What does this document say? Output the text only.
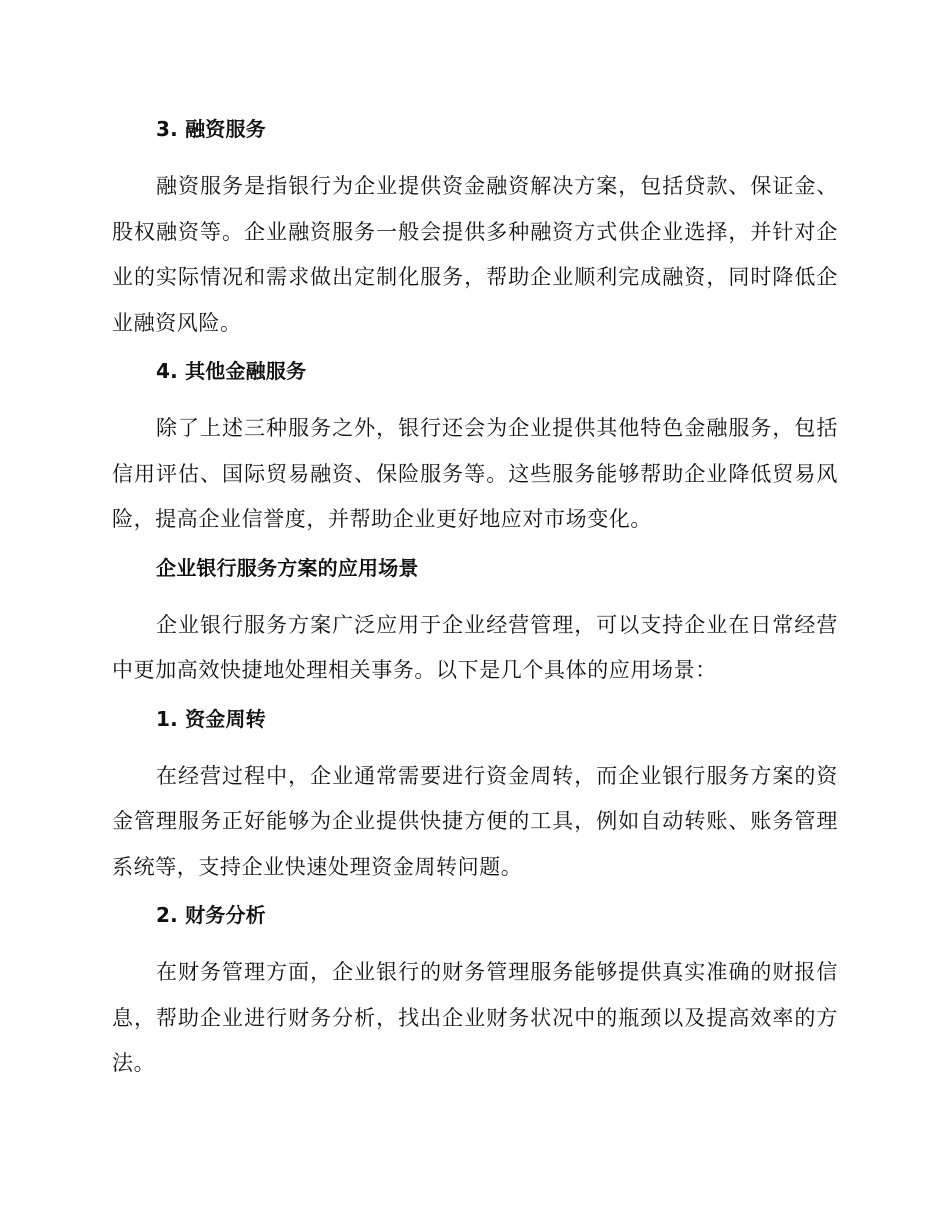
3. 融资服务

融资服务是指银行为企业提供资金融资解决方案，包括贷款、保证金、股权融资等。企业融资服务一般会提供多种融资方式供企业选择，并针对企业的实际情况和需求做出定制化服务，帮助企业顺利完成融资，同时降低企业融资风险。

4. 其他金融服务

除了上述三种服务之外，银行还会为企业提供其他特色金融服务，包括信用评估、国际贸易融资、保险服务等。这些服务能够帮助企业降低贸易风险，提高企业信誉度，并帮助企业更好地应对市场变化。

企业银行服务方案的应用场景

企业银行服务方案广泛应用于企业经营管理，可以支持企业在日常经营中更加高效快捷地处理相关事务。以下是几个具体的应用场景：

1. 资金周转

在经营过程中，企业通常需要进行资金周转，而企业银行服务方案的资金管理服务正好能够为企业提供快捷方便的工具，例如自动转账、账务管理系统等，支持企业快速处理资金周转问题。

2. 财务分析

在财务管理方面，企业银行的财务管理服务能够提供真实准确的财报信息，帮助企业进行财务分析，找出企业财务状况中的瓶颈以及提高效率的方法。
